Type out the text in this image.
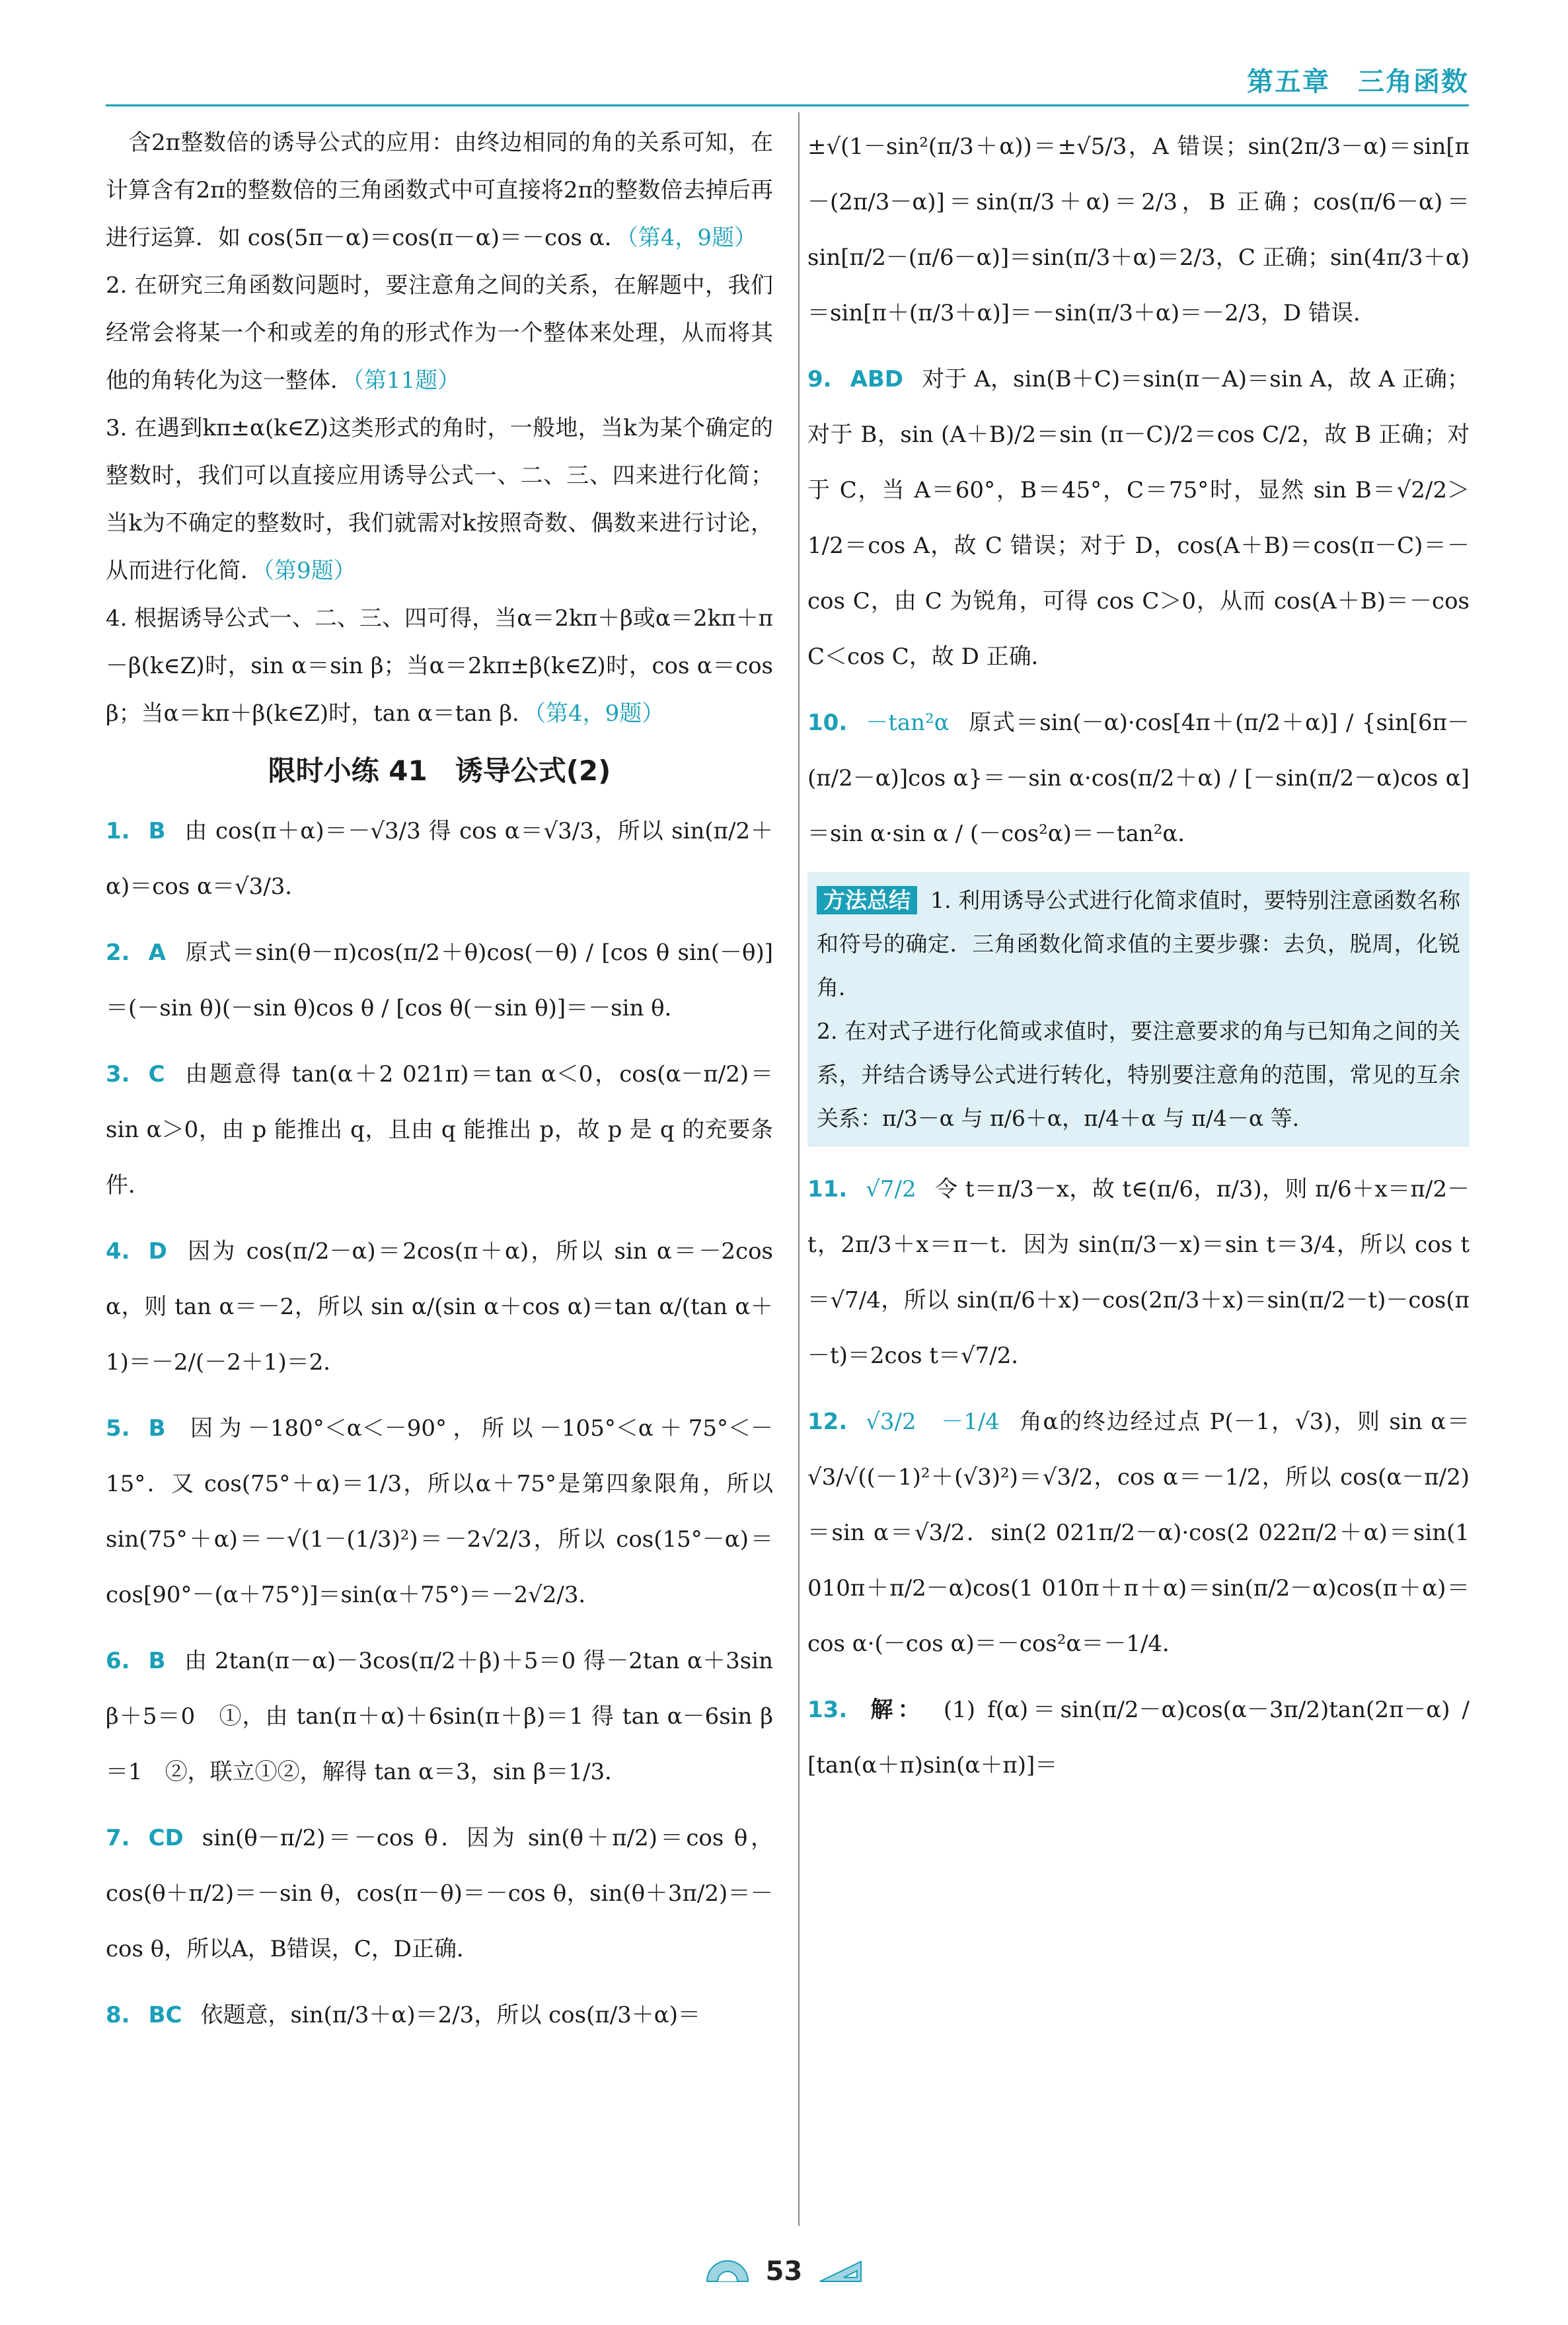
第五章　三角函数

　含2π整数倍的诱导公式的应用：由终边相同的角的关系可知，在计算含有2π的整数倍的三角函数式中可直接将2π的整数倍去掉后再进行运算．如 cos(5π－α)＝cos(π－α)＝－cos α．（第4，9题）

2. 在研究三角函数问题时，要注意角之间的关系，在解题中，我们经常会将某一个和或差的角的形式作为一个整体来处理，从而将其他的角转化为这一整体．（第11题）

3. 在遇到kπ±α(k∈Z)这类形式的角时，一般地，当k为某个确定的整数时，我们可以直接应用诱导公式一、二、三、四来进行化简；当k为不确定的整数时，我们就需对k按照奇数、偶数来进行讨论，从而进行化简．（第9题）

4. 根据诱导公式一、二、三、四可得，当α＝2kπ＋β或α＝2kπ＋π－β(k∈Z)时，sin α＝sin β；当α＝2kπ±β(k∈Z)时，cos α＝cos β；当α＝kπ＋β(k∈Z)时，tan α＝tan β．（第4，9题）

限时小练 41　诱导公式(2)

1. B 由 cos(π＋α)＝－√3/3 得 cos α＝√3/3，所以 sin(π/2＋α)＝cos α＝√3/3．

2. A 原式＝sin(θ－π)cos(π/2＋θ)cos(－θ) / [cos θ sin(－θ)]＝(－sin θ)(－sin θ)cos θ / [cos θ(－sin θ)]＝－sin θ．

3. C 由题意得 tan(α＋2 021π)＝tan α＜0，cos(α－π/2)＝sin α＞0，由 p 能推出 q，且由 q 能推出 p，故 p 是 q 的充要条件．

4. D 因为 cos(π/2－α)＝2cos(π＋α)，所以 sin α＝－2cos α，则 tan α＝－2，所以 sin α/(sin α＋cos α)＝tan α/(tan α＋1)＝－2/(－2＋1)＝2．

5. B 因为－180°＜α＜－90°，所以－105°＜α＋75°＜－15°．又 cos(75°＋α)＝1/3，所以α＋75°是第四象限角，所以 sin(75°＋α)＝－√(1－(1/3)²)＝－2√2/3，所以 cos(15°－α)＝cos[90°－(α＋75°)]＝sin(α＋75°)＝－2√2/3．

6. B 由 2tan(π－α)－3cos(π/2＋β)＋5＝0 得－2tan α＋3sin β＋5＝0　①，由 tan(π＋α)＋6sin(π＋β)＝1 得 tan α－6sin β＝1　②，联立①②，解得 tan α＝3，sin β＝1/3．

7. CD sin(θ－π/2)＝－cos θ．因为 sin(θ＋π/2)＝cos θ，cos(θ＋π/2)＝－sin θ，cos(π－θ)＝－cos θ，sin(θ＋3π/2)＝－cos θ，所以A，B错误，C，D正确．

8. BC 依题意，sin(π/3＋α)＝2/3，所以 cos(π/3＋α)＝

±√(1－sin²(π/3＋α))＝±√5/3，A 错误；sin(2π/3－α)＝sin[π－(2π/3－α)]＝sin(π/3＋α)＝2/3，B 正确；cos(π/6－α)＝sin[π/2－(π/6－α)]＝sin(π/3＋α)＝2/3，C 正确；sin(4π/3＋α)＝sin[π＋(π/3＋α)]＝－sin(π/3＋α)＝－2/3，D 错误．

9. ABD 对于 A，sin(B＋C)＝sin(π－A)＝sin A，故 A 正确；对于 B，sin (A＋B)/2＝sin (π－C)/2＝cos C/2，故 B 正确；对于 C，当 A＝60°，B＝45°，C＝75°时，显然 sin B＝√2/2＞1/2＝cos A，故 C 错误；对于 D，cos(A＋B)＝cos(π－C)＝－cos C，由 C 为锐角，可得 cos C＞0，从而 cos(A＋B)＝－cos C＜cos C，故 D 正确．

10. －tan²α 原式＝sin(－α)·cos[4π＋(π/2＋α)] / {sin[6π－(π/2－α)]cos α}＝－sin α·cos(π/2＋α) / [－sin(π/2－α)cos α]＝sin α·sin α / (－cos²α)＝－tan²α．

方法总结 1. 利用诱导公式进行化简求值时，要特别注意函数名称和符号的确定．三角函数化简求值的主要步骤：去负，脱周，化锐角．

2. 在对式子进行化简或求值时，要注意要求的角与已知角之间的关系，并结合诱导公式进行转化，特别要注意角的范围，常见的互余关系：π/3－α 与 π/6＋α，π/4＋α 与 π/4－α 等．

11. √7/2 令 t＝π/3－x，故 t∈(π/6，π/3)，则 π/6＋x＝π/2－t，2π/3＋x＝π－t．因为 sin(π/3－x)＝sin t＝3/4，所以 cos t＝√7/4，所以 sin(π/6＋x)－cos(2π/3＋x)＝sin(π/2－t)－cos(π－t)＝2cos t＝√7/2．

12. √3/2　－1/4 角α的终边经过点 P(－1，√3)，则 sin α＝√3/√((－1)²＋(√3)²)＝√3/2，cos α＝－1/2，所以 cos(α－π/2)＝sin α＝√3/2．sin(2 021π/2－α)·cos(2 022π/2＋α)＝sin(1 010π＋π/2－α)cos(1 010π＋π＋α)＝sin(π/2－α)cos(π＋α)＝cos α·(－cos α)＝－cos²α＝－1/4．

13. 解： (1) f(α)＝sin(π/2－α)cos(α－3π/2)tan(2π－α) / [tan(α＋π)sin(α＋π)]＝

53
